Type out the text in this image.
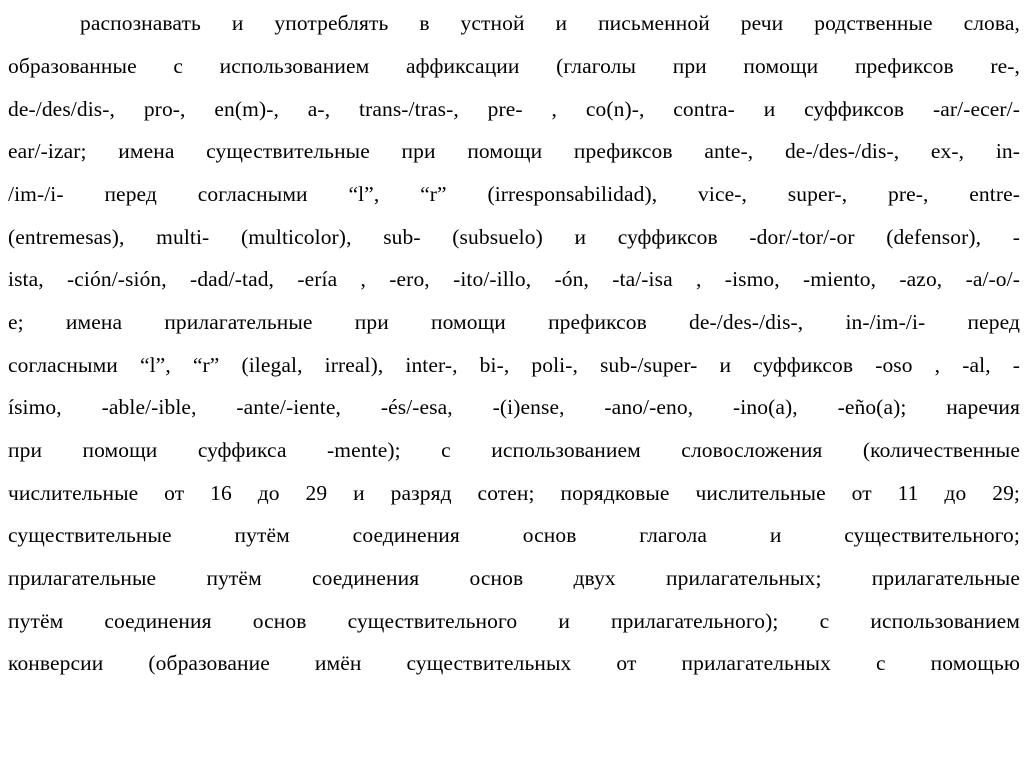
распознавать и употреблять в устной и письменной речи родственные слова,
образованные с использованием аффиксации (глаголы при помощи префиксов re-,
de-/des/dis-, pro-, en(m)-, a-, trans-/tras-, pre- , co(n)-, contra- и суффиксов -ar/-ecer/-
ear/-izar; имена существительные при помощи префиксов ante-, de-/des-/dis-, ex-, in-
/im-/i- перед согласными “l”, “r” (irresponsabilidad), vice-, super-, pre-, entre-
(entremesas), multi- (multicolor), sub- (subsuelo) и суффиксов -dor/-tor/-or (defensor), -
ista, -ción/-sión, -dad/-tad, -ería , -ero, -ito/-illo, -ón, -ta/-isa , -ismo, -miento, -azo, -a/-o/-
e; имена прилагательные при помощи префиксов de-/des-/dis-, in-/im-/i- перед
согласными “l”, “r” (ilegal, irreal), inter-, bi-, poli-, sub-/super- и суффиксов -oso , -al, -
ísimo, -able/-ible, -ante/-iente, -és/-esa, -(i)ense, -ano/-eno, -ino(a), -eño(a); наречия
при помощи суффикса -mente); с использованием словосложения (количественные
числительные от 16 до 29 и разряд сотен; порядковые числительные от 11 до 29;
существительные путём соединения основ глагола и существительного;
прилагательные путём соединения основ двух прилагательных; прилагательные
путём соединения основ существительного и прилагательного); с использованием
конверсии (образование имён существительных от прилагательных с помощью
